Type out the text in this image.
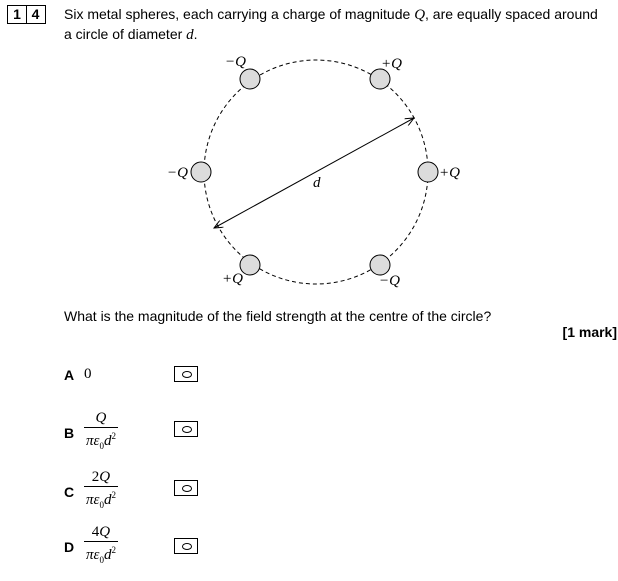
1 4	Six metal spheres, each carrying a charge of magnitude Q, are equally spaced around a circle of diameter d.
−Q	+Q
+Q
−Q
+Q
−Q
d
What is the magnitude of the field strength at the centre of the circle?
[1 mark]
A 0
B $\frac{Q}{\pi\varepsilon_0d^2}$
C $\frac{2Q}{\pi\varepsilon_0d^2}$
D $\frac{4Q}{\pi\varepsilon_0d^2}$
